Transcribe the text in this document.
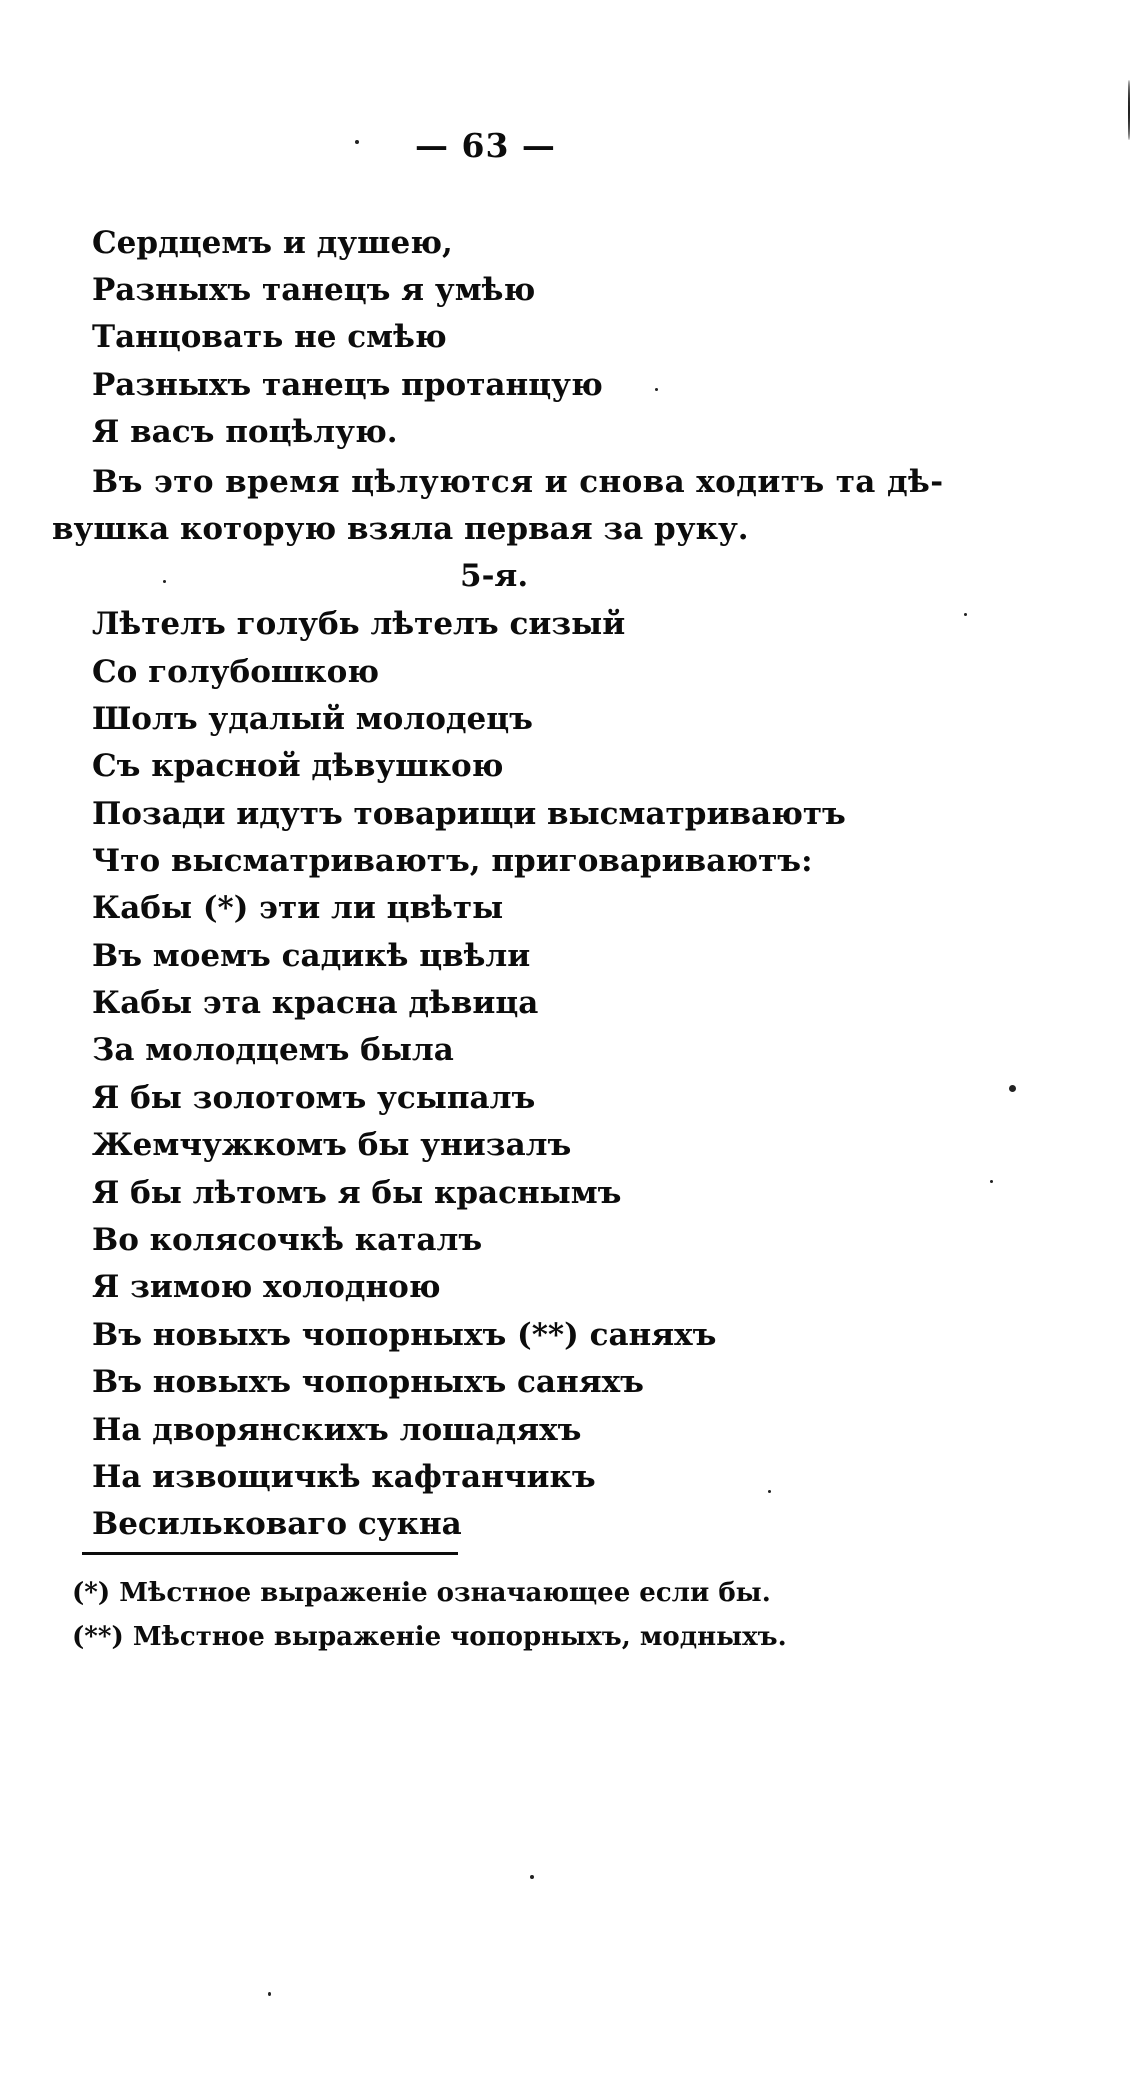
— 63 —
Сердцемъ и душею,
Разныхъ танецъ я умѣю
Танцовать не смѣю
Разныхъ танецъ протанцую
Я васъ поцѣлую.
Въ это время цѣлуются и снова ходитъ та дѣ-
вушка которую взяла первая за руку.
5-я.
Лѣтелъ голубь лѣтелъ сизый
Со голубошкою
Шолъ удалый молодецъ
Съ красной дѣвушкою
Позади идутъ товарищи высматриваютъ
Что высматриваютъ, приговариваютъ:
Кабы (*) эти ли цвѣты
Въ моемъ садикѣ цвѣли
Кабы эта красна дѣвица
За молодцемъ была
Я бы золотомъ усыпалъ
Жемчужкомъ бы унизалъ
Я бы лѣтомъ я бы краснымъ
Во колясочкѣ каталъ
Я зимою холодною
Въ новыхъ чопорныхъ (**) саняхъ
Въ новыхъ чопорныхъ саняхъ
На дворянскихъ лошадяхъ
На извощичкѣ кафтанчикъ
Весильковаго сукна
(*) Мѣстное выраженіе означающее если бы.
(**) Мѣстное выраженіе чопорныхъ, модныхъ.
